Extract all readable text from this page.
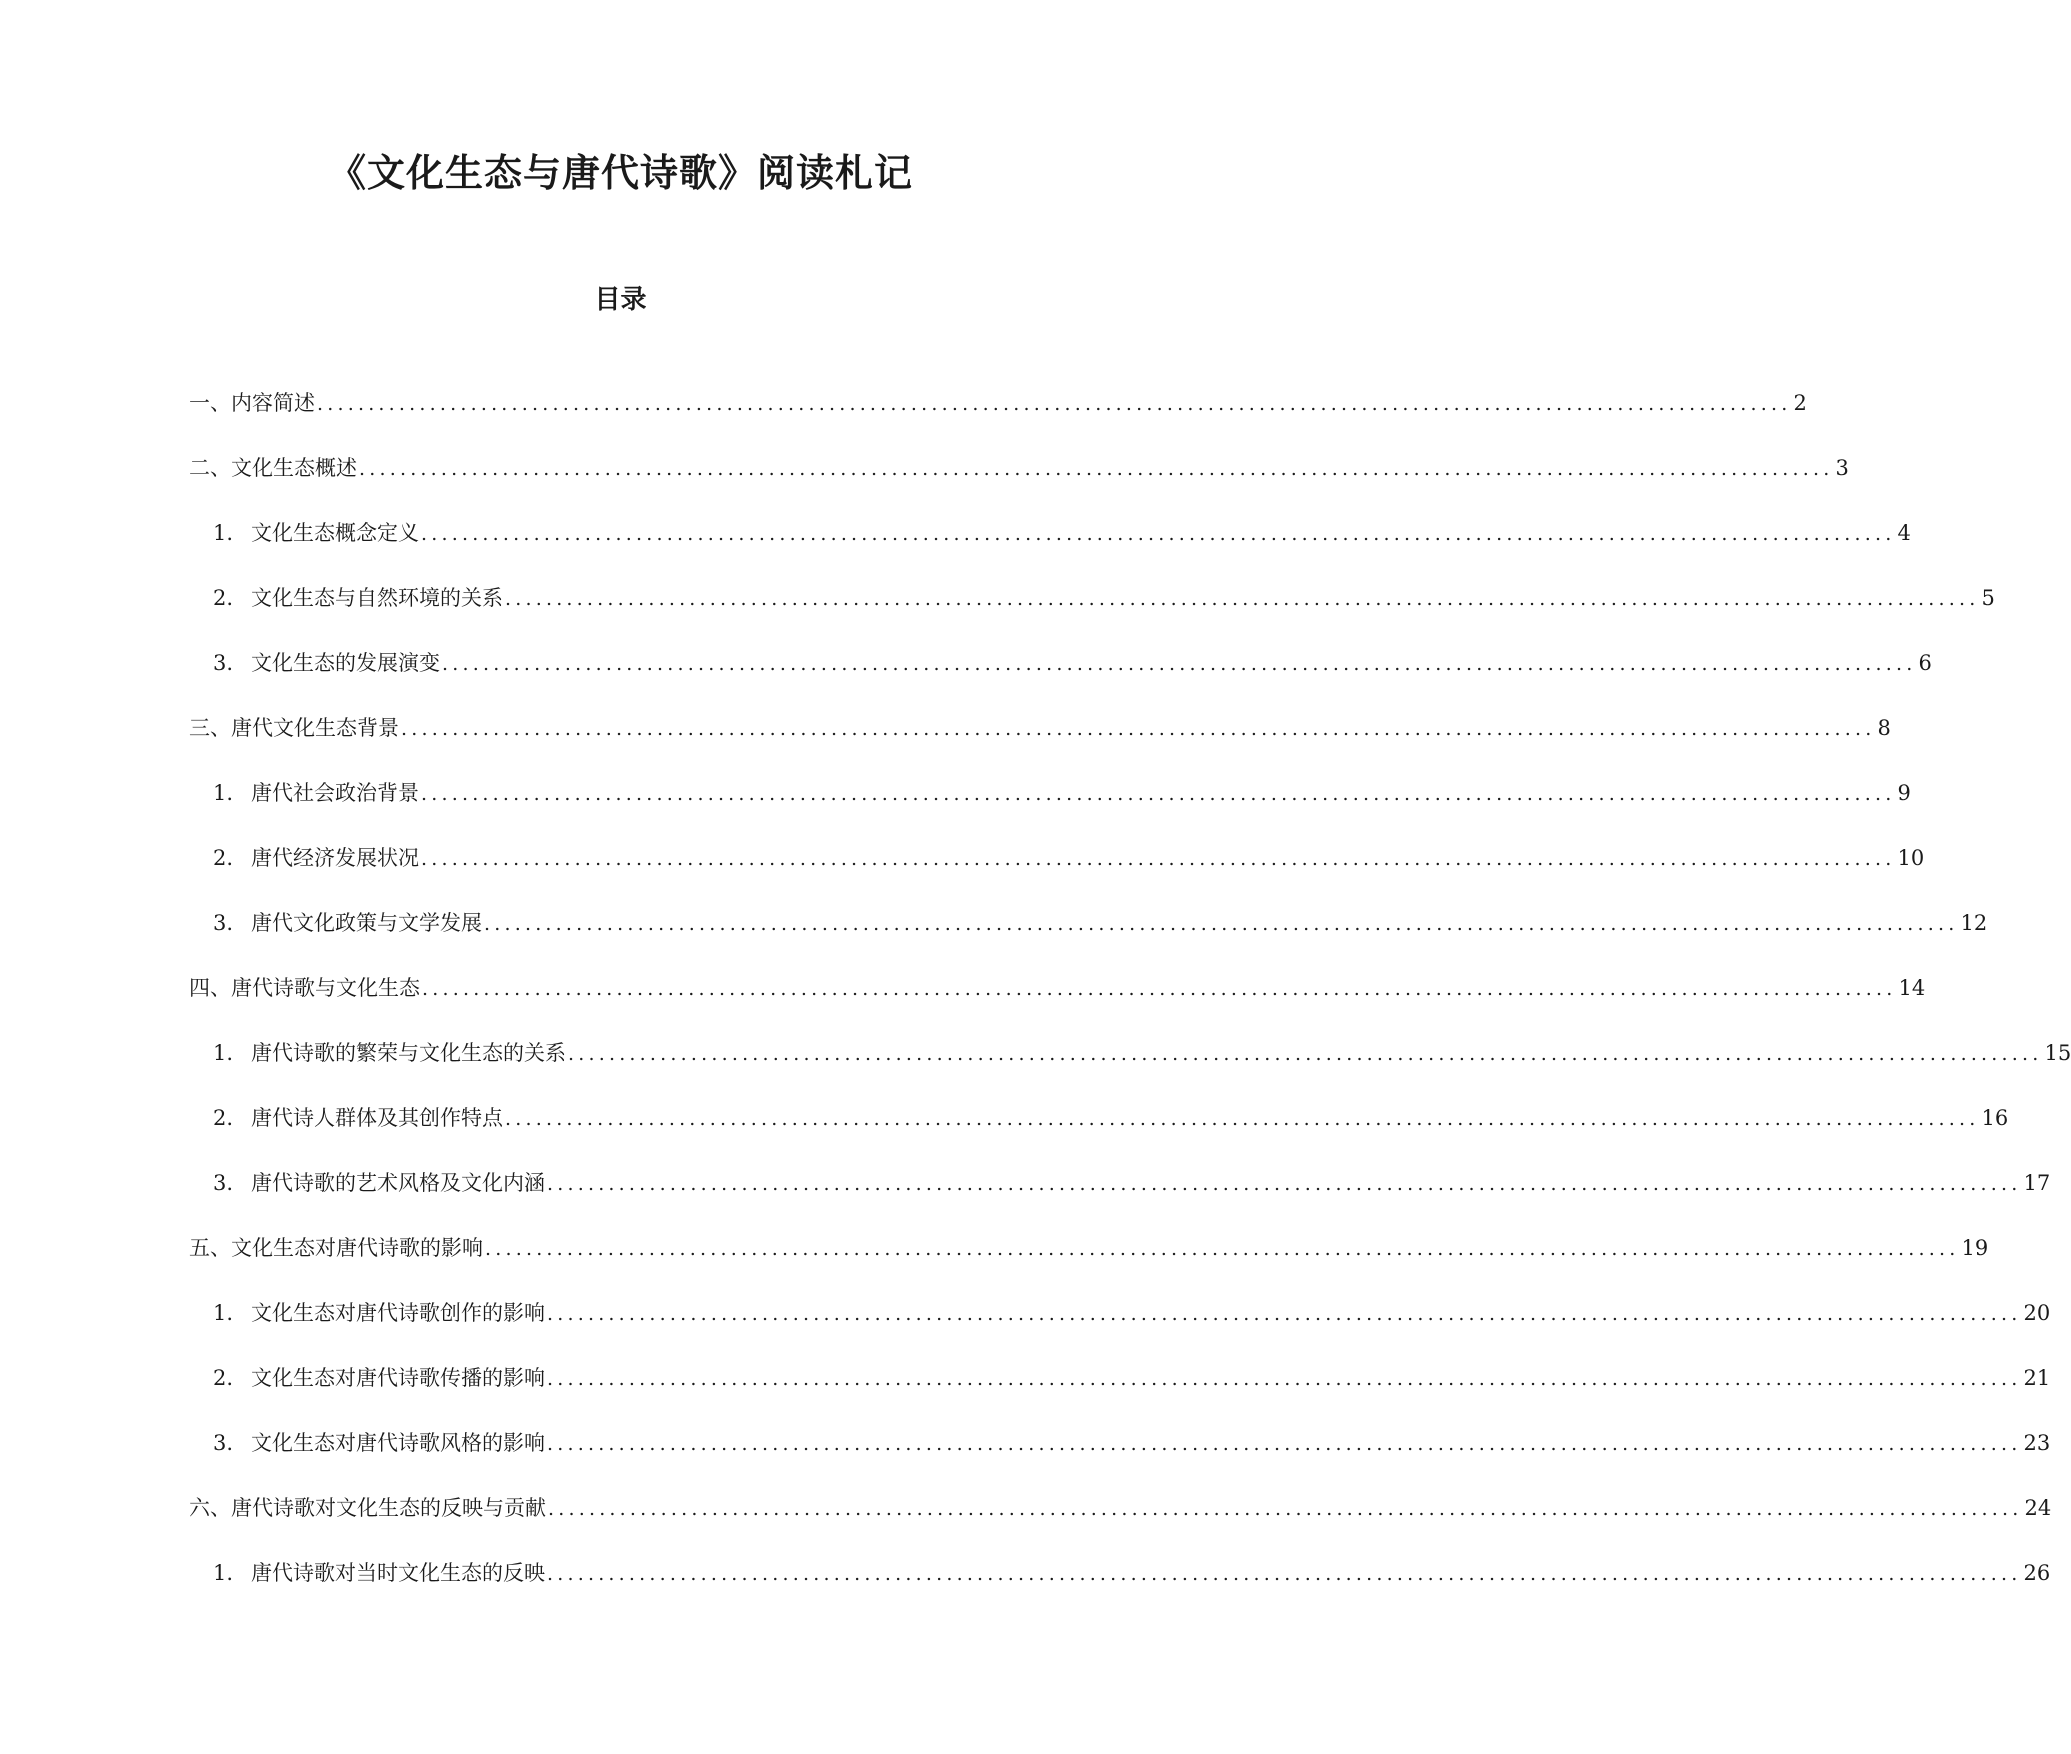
《文化生态与唐代诗歌》阅读札记
目录
一、内容简述 ................................................................................................................................................ 2
二、文化生态概述 ................................................................................................................................................ 3
1. 文化生态概念定义 ................................................................................................................................................ 4
2. 文化生态与自然环境的关系 ................................................................................................................................................ 5
3. 文化生态的发展演变 ................................................................................................................................................ 6
三、唐代文化生态背景 ................................................................................................................................................ 8
1. 唐代社会政治背景 ................................................................................................................................................ 9
2. 唐代经济发展状况 ................................................................................................................................................ 10
3. 唐代文化政策与文学发展 ................................................................................................................................................ 12
四、唐代诗歌与文化生态 ................................................................................................................................................ 14
1. 唐代诗歌的繁荣与文化生态的关系 ................................................................................................................................................ 15
2. 唐代诗人群体及其创作特点 ................................................................................................................................................ 16
3. 唐代诗歌的艺术风格及文化内涵 ................................................................................................................................................ 17
五、文化生态对唐代诗歌的影响 ................................................................................................................................................ 19
1. 文化生态对唐代诗歌创作的影响 ................................................................................................................................................ 20
2. 文化生态对唐代诗歌传播的影响 ................................................................................................................................................ 21
3. 文化生态对唐代诗歌风格的影响 ................................................................................................................................................ 23
六、唐代诗歌对文化生态的反映与贡献 ................................................................................................................................................ 24
1. 唐代诗歌对当时文化生态的反映 ................................................................................................................................................ 26
